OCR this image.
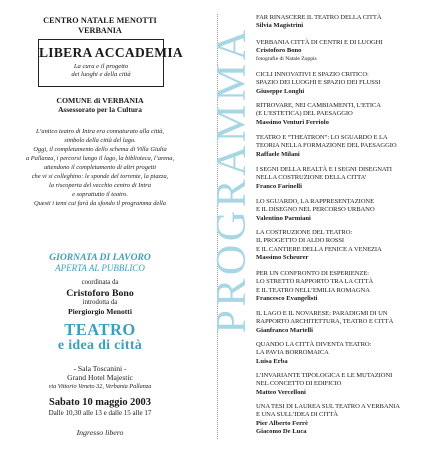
CENTRO NATALE MENOTTI
VERBANIA
LIBERA ACCADEMIA
La cura e il progetto
dei luoghi e della città
COMUNE di VERBANIA
Assessorato per la Cultura
L’antico teatro di Intra era connaturato alla città,
simbolo della città del lago.
Oggi, il completamento dello schema di Villa Giulia
a Pallanza, i percorsi lungo il lago, la biblioteca, l’arena,
attendono il completamento di altri progetti
che vi si colleghino: le sponde del torrente, la piazza,
la riscoperta del vecchio centro di Intra
e soprattutto il teatro.
Questi i temi cui farà da sfondo il programma della
GIORNATA DI LAVORO
APERTA AL PUBBLICO
coordinata da
Cristoforo Bono
introdotta da
Piergiorgio Menotti
TEATRO
e idea di città
- Sala Toscanini -
Grand Hotel Majestic
via Vittorio Veneto 32, Verbania Pallanza
Sabato 10 maggio 2003
Dalle 10,30 alle 13 e dalle 15 alle 17
Ingresso libero
PROGRAMMA
FAR RINASCERE IL TEATRO DELLA CITTÀ
Silvia Magistrini
VERBANIA CITTÀ DI CENTRI E DI LUOGHI
Cristoforo Bono
fotografie di Natale Zoppis
CICLI INNOVATIVI E SPAZIO CRITICO:
SPAZIO DEI LUOGHI E SPAZIO DEI FLUSSI
Giuseppe Longhi
RITROVARE, NEI CAMBIAMENTI, L’ETICA
(E L’ESTETICA) DEL PAESAGGIO
Massimo Venturi Ferriolo
TEATRO E “THEATRON”: LO SGUARDO E LA
TEORIA NELLA FORMAZIONE DEL PAESAGGIO
Raffaele Milani
I SEGNI DELLA REALTÀ E I SEGNI DISEGNATI
NELLA COSTRUZIONE DELLA CITTA’
Franco Farinelli
LO SGUARDO, LA RAPPRESENTAZIONE
E IL DISEGNO NEL PERCORSO URBANO
Valentino Parmiani
LA COSTRUZIONE DEL TEATRO:
IL PROGETTO DI ALDO ROSSI
E IL CANTIERE DELLA FENICE A VENEZIA
Massimo Scheurer
PER UN CONFRONTO DI ESPERIENZE:
LO STRETTO RAPPORTO TRA LA CITTÀ
E IL TEATRO NELL’EMILIA ROMAGNA
Francesco Evangelisti
IL LAGO E IL NOVARESE: PARADIGMI DI UN
RAPPORTO ARCHITETTURA, TEATRO E CITTÀ
Gianfranco Martelli
QUANDO LA CITTÀ DIVENTA TEATRO:
LA PAVIA BORROMAICA
Luisa Erba
L’INVARIANTE TIPOLOGICA E LE MUTAZIONI
NEL CONCETTO DI EDIFICIO
Matteo Vercelloni
UNA TESI DI LAUREA SUL TEATRO A VERBANIA
E UNA SULL’IDEA DI CITTÀ
Pier Alberto Ferrè
Giacomo De Luca
